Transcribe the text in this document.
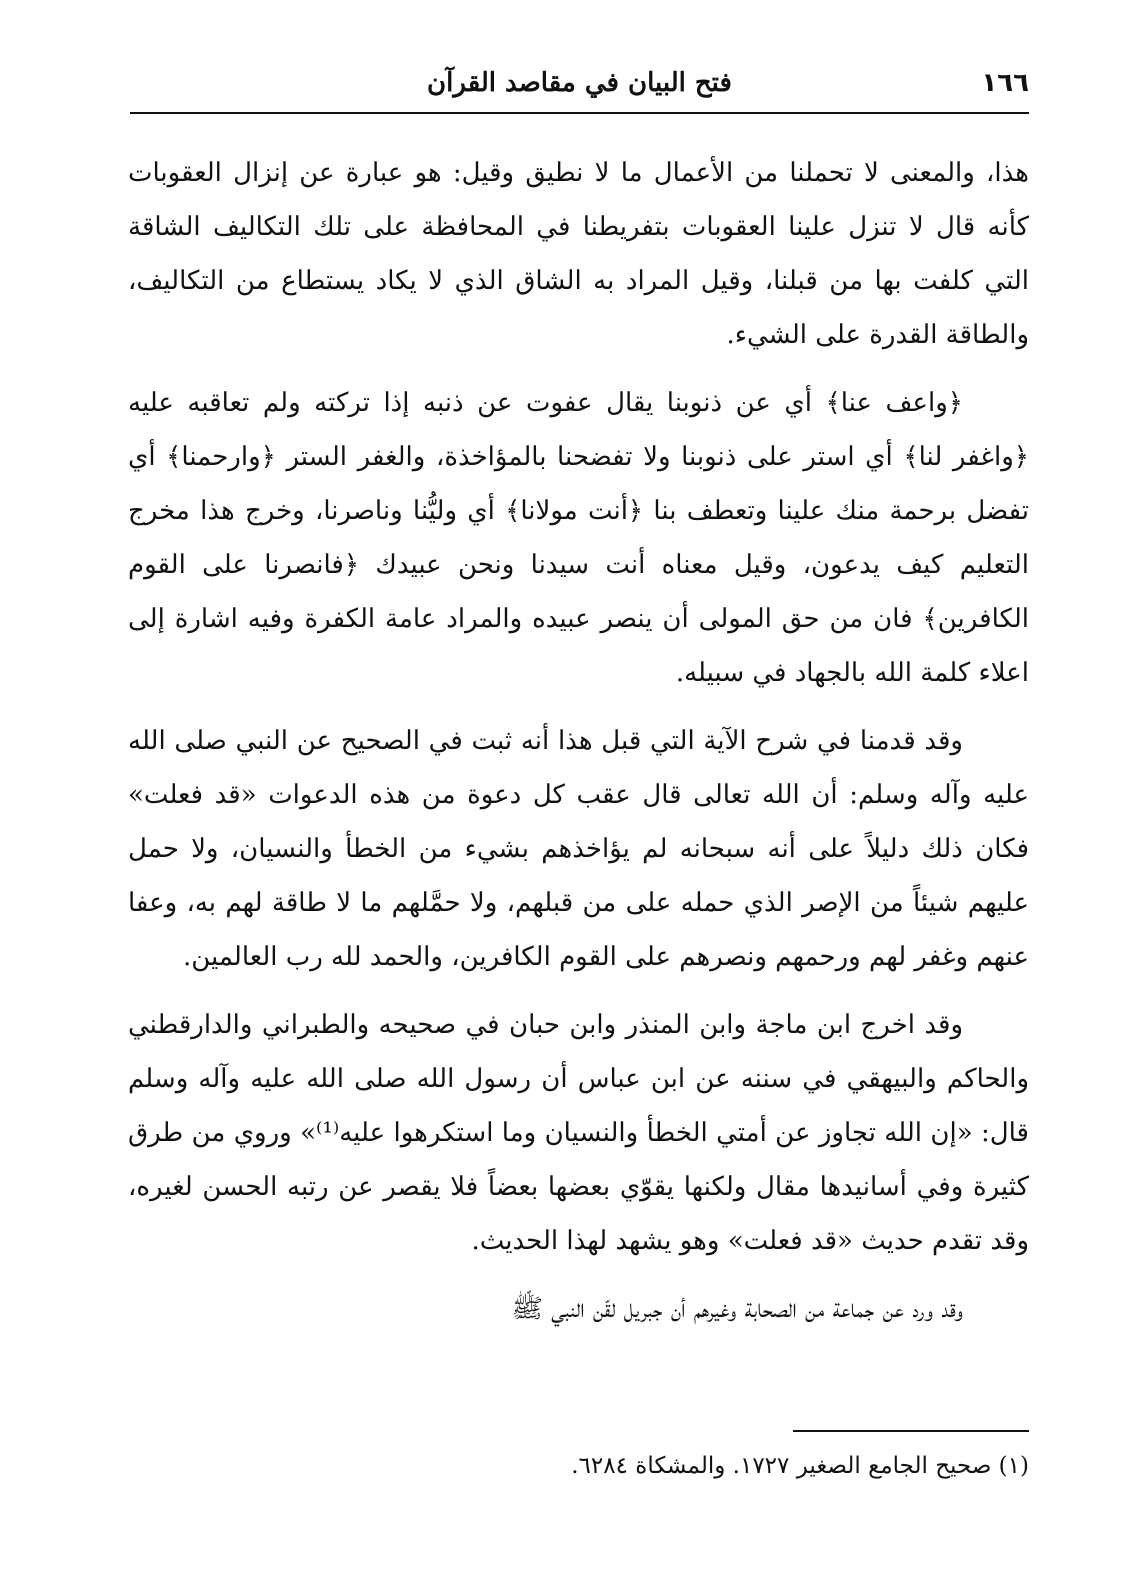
١٦٦
فتح البيان في مقاصد القرآن

هذا، والمعنى لا تحملنا من الأعمال ما لا نطيق وقيل: هو عبارة عن إنزال العقوبات كأنه قال لا تنزل علينا العقوبات بتفريطنا في المحافظة على تلك التكاليف الشاقة التي كلفت بها من قبلنا، وقيل المراد به الشاق الذي لا يكاد يستطاع من التكاليف، والطاقة القدرة على الشيء.

﴿واعف عنا﴾ أي عن ذنوبنا يقال عفوت عن ذنبه إذا تركته ولم تعاقبه عليه ﴿واغفر لنا﴾ أي استر على ذنوبنا ولا تفضحنا بالمؤاخذة، والغفر الستر ﴿وارحمنا﴾ أي تفضل برحمة منك علينا وتعطف بنا ﴿أنت مولانا﴾ أي وليُّنا وناصرنا، وخرج هذا مخرج التعليم كيف يدعون، وقيل معناه أنت سيدنا ونحن عبيدك ﴿فانصرنا على القوم الكافرين﴾ فان من حق المولى أن ينصر عبيده والمراد عامة الكفرة وفيه اشارة إلى اعلاء كلمة الله بالجهاد في سبيله.

وقد قدمنا في شرح الآية التي قبل هذا أنه ثبت في الصحيح عن النبي صلى الله عليه وآله وسلم: أن الله تعالى قال عقب كل دعوة من هذه الدعوات «قد فعلت» فكان ذلك دليلاً على أنه سبحانه لم يؤاخذهم بشيء من الخطأ والنسيان، ولا حمل عليهم شيئاً من الإصر الذي حمله على من قبلهم، ولا حمَّلهم ما لا طاقة لهم به، وعفا عنهم وغفر لهم ورحمهم ونصرهم على القوم الكافرين، والحمد لله رب العالمين.

وقد اخرج ابن ماجة وابن المنذر وابن حبان في صحيحه والطبراني والدارقطني والحاكم والبيهقي في سننه عن ابن عباس أن رسول الله صلى الله عليه وآله وسلم قال: «إن الله تجاوز عن أمتي الخطأ والنسيان وما استكرهوا عليه⁽¹⁾» وروي من طرق كثيرة وفي أسانيدها مقال ولكنها يقوّي بعضها بعضاً فلا يقصر عن رتبه الحسن لغيره، وقد تقدم حديث «قد فعلت» وهو يشهد لهذا الحديث.

وقد ورد عن جماعة من الصحابة وغيرهم أن جبريل لقّن النبي ﷺ

(١) صحيح الجامع الصغير ١٧٢٧. والمشكاة ٦٢٨٤.
